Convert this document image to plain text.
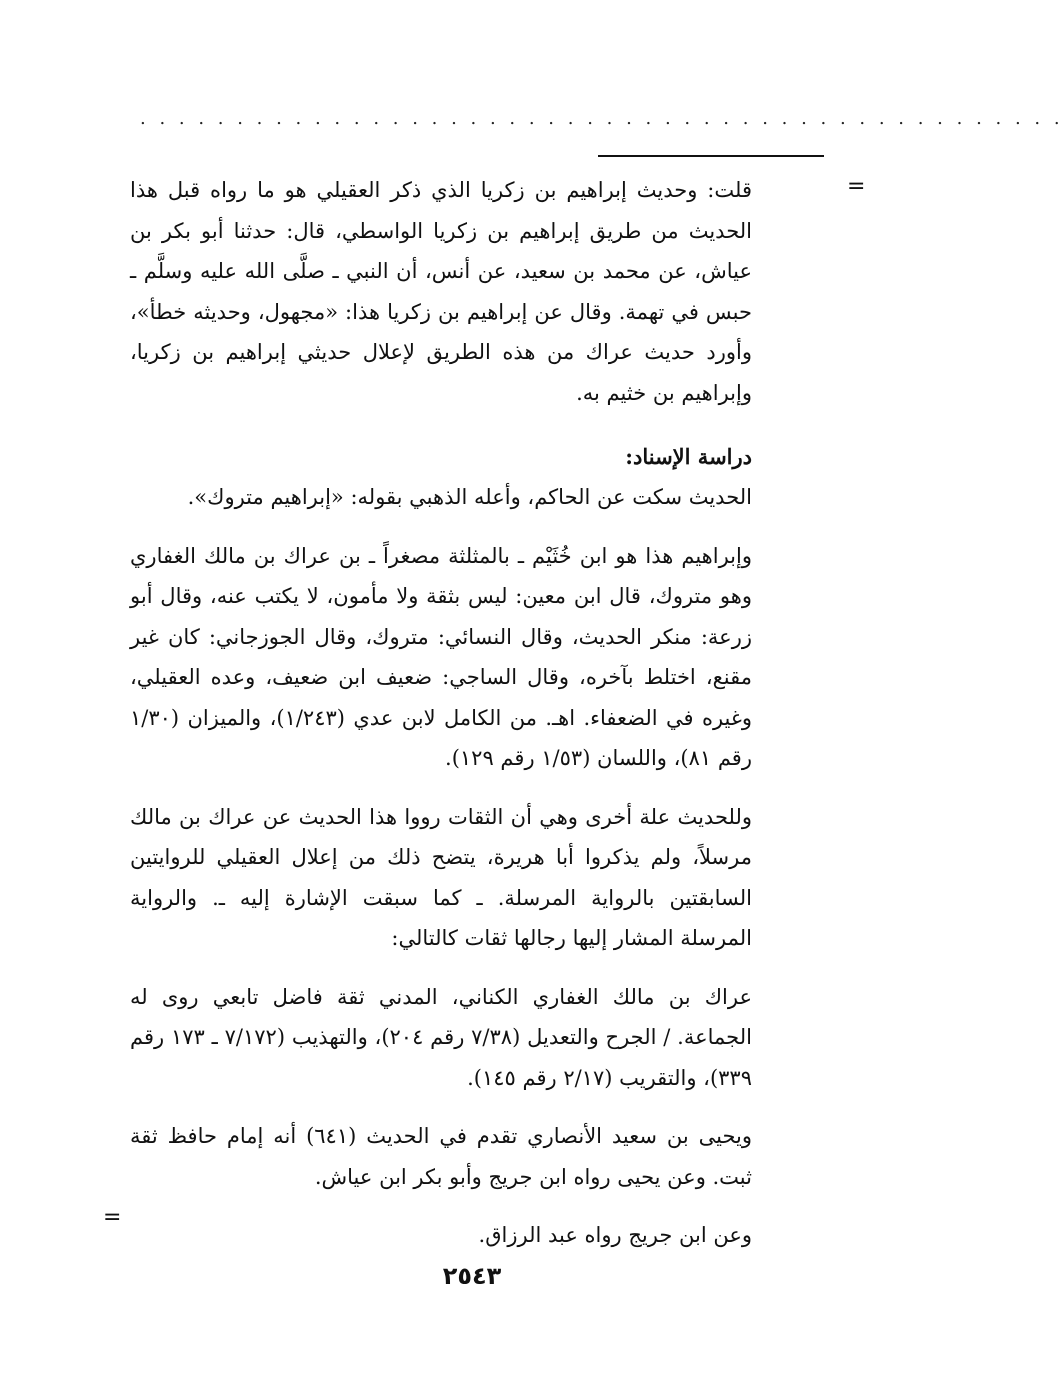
. . . . . . . . . . . . . . . . . . . . . . . . . . . . . . . . . . . . . . . . . . . . . . . .
=

قلت: وحديث إبراهيم بن زكريا الذي ذكر العقيلي هو ما رواه قبل هذا الحديث من طريق إبراهيم بن زكريا الواسطي، قال: حدثنا أبو بكر بن عياش، عن محمد بن سعيد، عن أنس، أن النبي ـ صلَّى الله عليه وسلَّم ـ حبس في تهمة. وقال عن إبراهيم بن زكريا هذا: «مجهول، وحديثه خطأ»، وأورد حديث عراك من هذه الطريق لإعلال حديثي إبراهيم بن زكريا، وإبراهيم بن خثيم به.

دراسة الإسناد:

الحديث سكت عن الحاكم، وأعله الذهبي بقوله: «إبراهيم متروك».

وإبراهيم هذا هو ابن خُثَيْم ـ بالمثلثة مصغراً ـ بن عراك بن مالك الغفاري وهو متروك، قال ابن معين: ليس بثقة ولا مأمون، لا يكتب عنه، وقال أبو زرعة: منكر الحديث، وقال النسائي: متروك، وقال الجوزجاني: كان غير مقنع، اختلط بآخره، وقال الساجي: ضعيف ابن ضعيف، وعده العقيلي، وغيره في الضعفاء. اهـ. من الكامل لابن عدي (١/٢٤٣)، والميزان (١/٣٠ رقم ٨١)، واللسان (١/٥٣ رقم ١٢٩).

وللحديث علة أخرى وهي أن الثقات رووا هذا الحديث عن عراك بن مالك مرسلاً، ولم يذكروا أبا هريرة، يتضح ذلك من إعلال العقيلي للروايتين السابقتين بالرواية المرسلة. ـ كما سبقت الإشارة إليه ـ. والرواية المرسلة المشار إليها رجالها ثقات كالتالي:

عراك بن مالك الغفاري الكناني، المدني ثقة فاضل تابعي روى له الجماعة. / الجرح والتعديل (٧/٣٨ رقم ٢٠٤)، والتهذيب (٧/١٧٢ ـ ١٧٣ رقم ٣٣٩)، والتقريب (٢/١٧ رقم ١٤٥).

ويحيى بن سعيد الأنصاري تقدم في الحديث (٦٤١) أنه إمام حافظ ثقة ثبت. وعن يحيى رواه ابن جريج وأبو بكر ابن عياش.

وعن ابن جريج رواه عبد الرزاق.

=
٢٥٤٣
